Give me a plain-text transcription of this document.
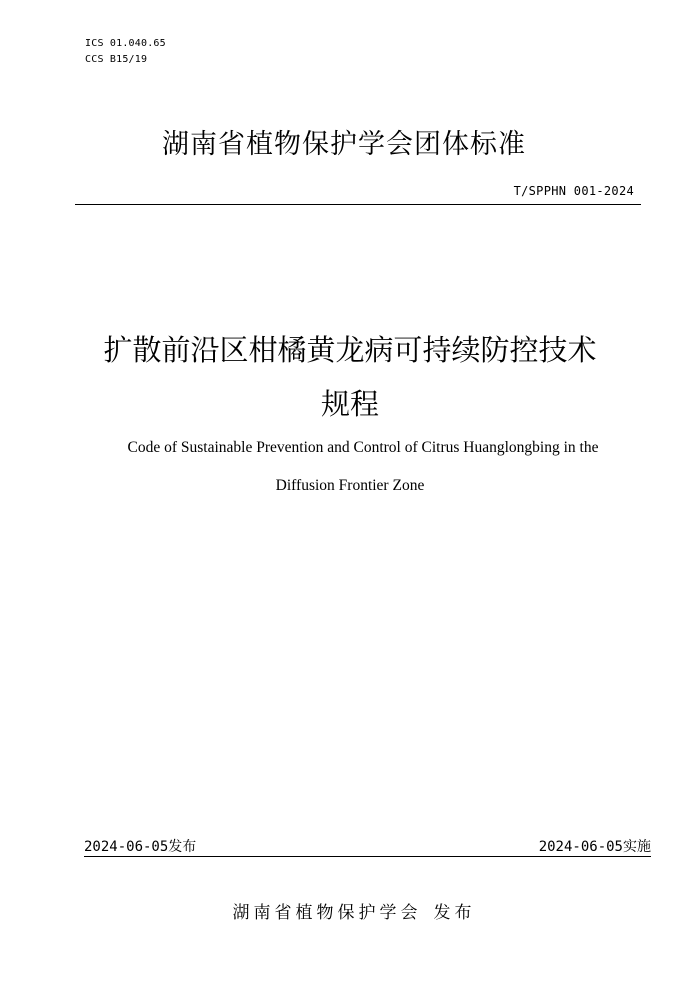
ICS 01.040.65
CCS B15/19
湖南省植物保护学会团体标准
T/SPPHN 001-2024
扩散前沿区柑橘黄龙病可持续防控技术
规程
Code of Sustainable Prevention and Control of Citrus Huanglongbing in the
Diffusion Frontier Zone
2024-06-05发布	2024-06-05实施
湖南省植物保护学会 发布
